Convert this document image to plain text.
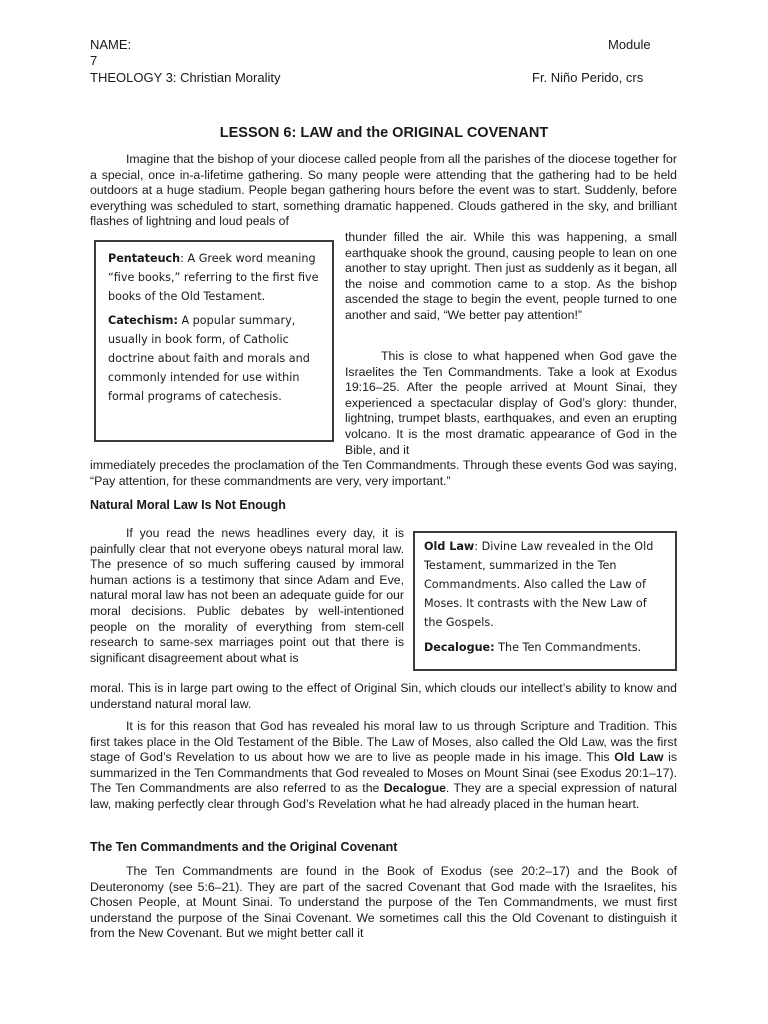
NAME:	Module
7
THEOLOGY 3: Christian Morality	Fr. Niño Perido, crs
LESSON 6: LAW and the ORIGINAL COVENANT

Imagine that the bishop of your diocese called people from all the parishes of the diocese together for a special, once in-a-lifetime gathering. So many people were attending that the gathering had to be held outdoors at a huge stadium. People began gathering hours before the event was to start. Suddenly, before everything was scheduled to start, something dramatic happened. Clouds gathered in the sky, and brilliant flashes of lightning and loud peals of

Pentateuch: A Greek word meaning “five books,” referring to the first five books of the Old Testament.

Catechism: A popular summary, usually in book form, of Catholic doctrine about faith and morals and commonly intended for use within formal programs of catechesis.

thunder filled the air. While this was happening, a small earthquake shook the ground, causing people to lean on one another to stay upright. Then just as suddenly as it began, all the noise and commotion came to a stop. As the bishop ascended the stage to begin the event, people turned to one another and said, “We better pay attention!”

This is close to what happened when God gave the Israelites the Ten Commandments. Take a look at Exodus 19:16–25. After the people arrived at Mount Sinai, they experienced a spectacular display of God’s glory: thunder, lightning, trumpet blasts, earthquakes, and even an erupting volcano. It is the most dramatic appearance of God in the Bible, and it

immediately precedes the proclamation of the Ten Commandments. Through these events God was saying, “Pay attention, for these commandments are very, very important.”

Natural Moral Law Is Not Enough

If you read the news headlines every day, it is painfully clear that not everyone obeys natural moral law. The presence of so much suffering caused by immoral human actions is a testimony that since Adam and Eve, natural moral law has not been an adequate guide for our moral decisions. Public debates by well-intentioned people on the morality of everything from stem-cell research to same-sex marriages point out that there is significant disagreement about what is

Old Law: Divine Law revealed in the Old Testament, summarized in the Ten Commandments. Also called the Law of Moses. It contrasts with the New Law of the Gospels.

Decalogue: The Ten Commandments.

moral. This is in large part owing to the effect of Original Sin, which clouds our intellect’s ability to know and understand natural moral law.

It is for this reason that God has revealed his moral law to us through Scripture and Tradition. This first takes place in the Old Testament of the Bible. The Law of Moses, also called the Old Law, was the first stage of God’s Revelation to us about how we are to live as people made in his image. This Old Law is summarized in the Ten Commandments that God revealed to Moses on Mount Sinai (see Exodus 20:1–17). The Ten Commandments are also referred to as the Decalogue. They are a special expression of natural law, making perfectly clear through God’s Revelation what he had already placed in the human heart.

The Ten Commandments and the Original Covenant

The Ten Commandments are found in the Book of Exodus (see 20:2–17) and the Book of Deuteronomy (see 5:6–21). They are part of the sacred Covenant that God made with the Israelites, his Chosen People, at Mount Sinai. To understand the purpose of the Ten Commandments, we must first understand the purpose of the Sinai Covenant. We sometimes call this the Old Covenant to distinguish it from the New Covenant. But we might better call it
